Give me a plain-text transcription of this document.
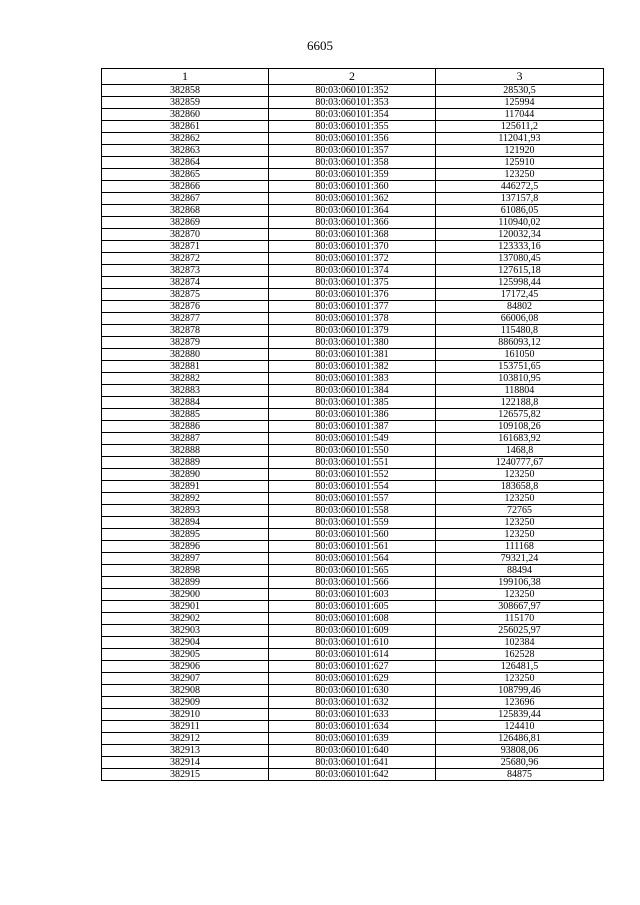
6605
1	2	3
382858	80:03:060101:352	28530,5
382859	80:03:060101:353	125994
382860	80:03:060101:354	117044
382861	80:03:060101:355	125611,2
382862	80:03:060101:356	112041,93
382863	80:03:060101:357	121920
382864	80:03:060101:358	125910
382865	80:03:060101:359	123250
382866	80:03:060101:360	446272,5
382867	80:03:060101:362	137157,8
382868	80:03:060101:364	61086,05
382869	80:03:060101:366	110940,02
382870	80:03:060101:368	120032,34
382871	80:03:060101:370	123333,16
382872	80:03:060101:372	137080,45
382873	80:03:060101:374	127615,18
382874	80:03:060101:375	125998,44
382875	80:03:060101:376	17172,45
382876	80:03:060101:377	84802
382877	80:03:060101:378	66006,08
382878	80:03:060101:379	115480,8
382879	80:03:060101:380	886093,12
382880	80:03:060101:381	161050
382881	80:03:060101:382	153751,65
382882	80:03:060101:383	103810,95
382883	80:03:060101:384	118804
382884	80:03:060101:385	122188,8
382885	80:03:060101:386	126575,82
382886	80:03:060101:387	109108,26
382887	80:03:060101:549	161683,92
382888	80:03:060101:550	1468,8
382889	80:03:060101:551	1240777,67
382890	80:03:060101:552	123250
382891	80:03:060101:554	183658,8
382892	80:03:060101:557	123250
382893	80:03:060101:558	72765
382894	80:03:060101:559	123250
382895	80:03:060101:560	123250
382896	80:03:060101:561	111168
382897	80:03:060101:564	79321,24
382898	80:03:060101:565	88494
382899	80:03:060101:566	199106,38
382900	80:03:060101:603	123250
382901	80:03:060101:605	308667,97
382902	80:03:060101:608	115170
382903	80:03:060101:609	256025,97
382904	80:03:060101:610	102384
382905	80:03:060101:614	162528
382906	80:03:060101:627	126481,5
382907	80:03:060101:629	123250
382908	80:03:060101:630	108799,46
382909	80:03:060101:632	123696
382910	80:03:060101:633	125839,44
382911	80:03:060101:634	124410
382912	80:03:060101:639	126486,81
382913	80:03:060101:640	93808,06
382914	80:03:060101:641	25680,96
382915	80:03:060101:642	84875
